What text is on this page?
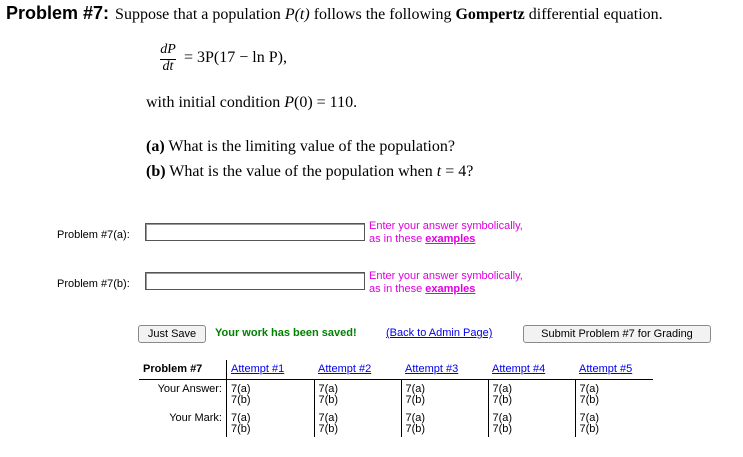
Problem #7: Suppose that a population P(t) follows the following Gompertz differential equation.
dP
dt
= 3P(17 − ln P),
with initial condition P(0) = 110.
(a) What is the limiting value of the population?
(b) What is the value of the population when t = 4?
Problem #7(a):
Enter your answer symbolically,
as in these examples
Problem #7(b):
Enter your answer symbolically,
as in these examples
Just Save	Your work has been saved!	(Back to Admin Page)	Submit Problem #7 for Grading
Problem #7	Attempt #1	Attempt #2	Attempt #3	Attempt #4	Attempt #5
Your Answer:	7(a)
7(b)	7(a)
7(b)	7(a)
7(b)	7(a)
7(b)	7(a)
7(b)

Your Mark:	7(a)
7(b)	7(a)
7(b)	7(a)
7(b)	7(a)
7(b)	7(a)
7(b)
